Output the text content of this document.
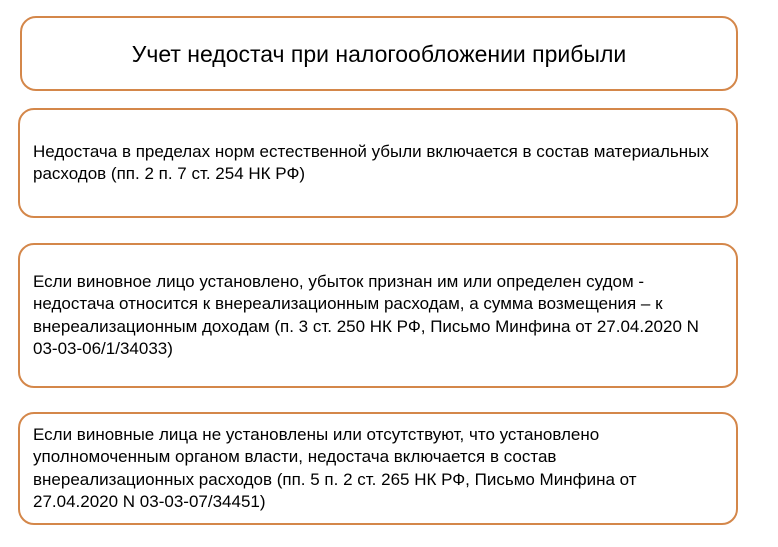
Учет недостач при налогообложении прибыли

Недостача в пределах норм естественной убыли включается в состав материальных расходов (пп. 2 п. 7 ст. 254 НК РФ)

Если виновное лицо установлено, убыток признан им или определен судом - недостача относится к внереализационным расходам, а сумма возмещения – к внереализационным доходам (п. 3 ст. 250 НК РФ, Письмо Минфина от 27.04.2020 N 03-03-06/1/34033)

Если виновные лица не установлены или отсутствуют, что установлено уполномоченным органом власти, недостача включается в состав внереализационных расходов (пп. 5 п. 2 ст. 265 НК РФ, Письмо Минфина от 27.04.2020 N 03-03-07/34451)
